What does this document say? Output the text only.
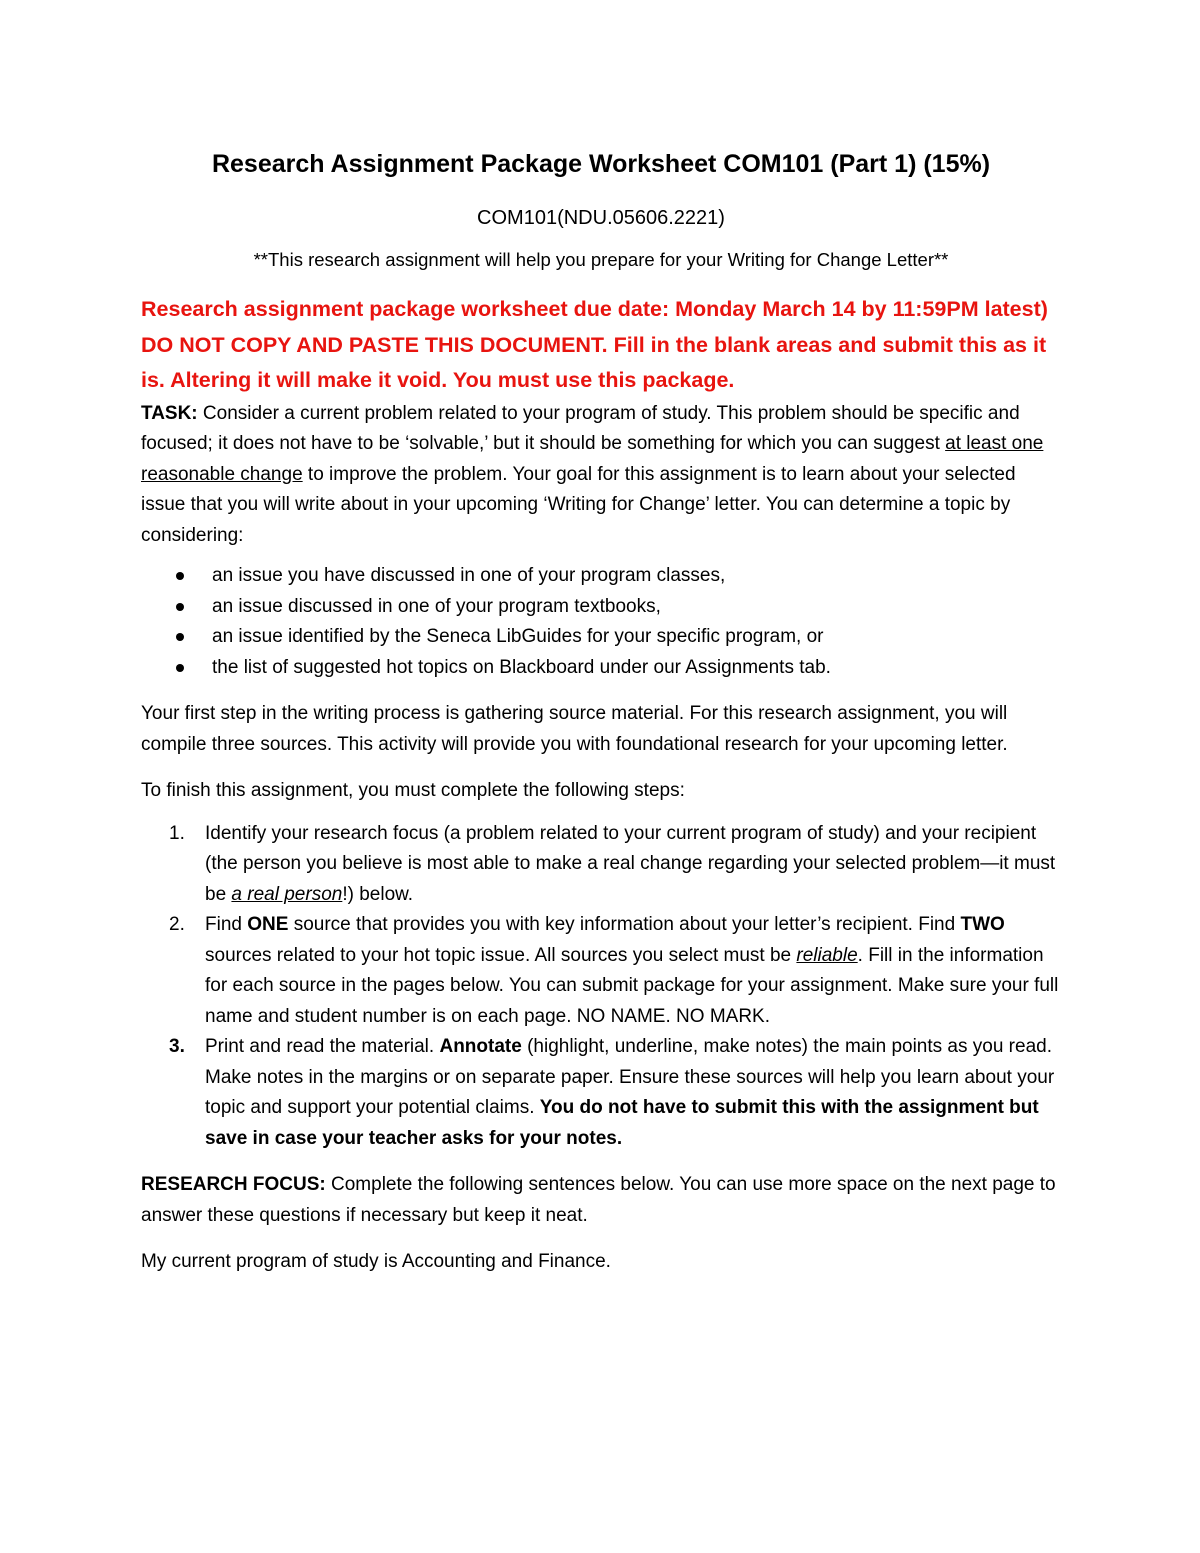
Research Assignment Package Worksheet COM101 (Part 1) (15%)
COM101(NDU.05606.2221)
**This research assignment will help you prepare for your Writing for Change Letter**
Research assignment package worksheet due date: Monday March 14 by 11:59PM latest) DO NOT COPY AND PASTE THIS DOCUMENT. Fill in the blank areas and submit this as it is. Altering it will make it void. You must use this package.

TASK: Consider a current problem related to your program of study. This problem should be specific and focused; it does not have to be ‘solvable,’ but it should be something for which you can suggest at least one reasonable change to improve the problem. Your goal for this assignment is to learn about your selected issue that you will write about in your upcoming ‘Writing for Change’ letter. You can determine a topic by considering:

an issue you have discussed in one of your program classes,
an issue discussed in one of your program textbooks,
an issue identified by the Seneca LibGuides for your specific program, or
the list of suggested hot topics on Blackboard under our Assignments tab.

Your first step in the writing process is gathering source material. For this research assignment, you will compile three sources. This activity will provide you with foundational research for your upcoming letter.

To finish this assignment, you must complete the following steps:

1. Identify your research focus (a problem related to your current program of study) and your recipient (the person you believe is most able to make a real change regarding your selected problem—it must be a real person!) below.
2. Find ONE source that provides you with key information about your letter’s recipient. Find TWO sources related to your hot topic issue. All sources you select must be reliable. Fill in the information for each source in the pages below. You can submit package for your assignment. Make sure your full name and student number is on each page. NO NAME. NO MARK.
3. Print and read the material. Annotate (highlight, underline, make notes) the main points as you read. Make notes in the margins or on separate paper. Ensure these sources will help you learn about your topic and support your potential claims. You do not have to submit this with the assignment but save in case your teacher asks for your notes.

RESEARCH FOCUS: Complete the following sentences below. You can use more space on the next page to answer these questions if necessary but keep it neat.

My current program of study is Accounting and Finance.
